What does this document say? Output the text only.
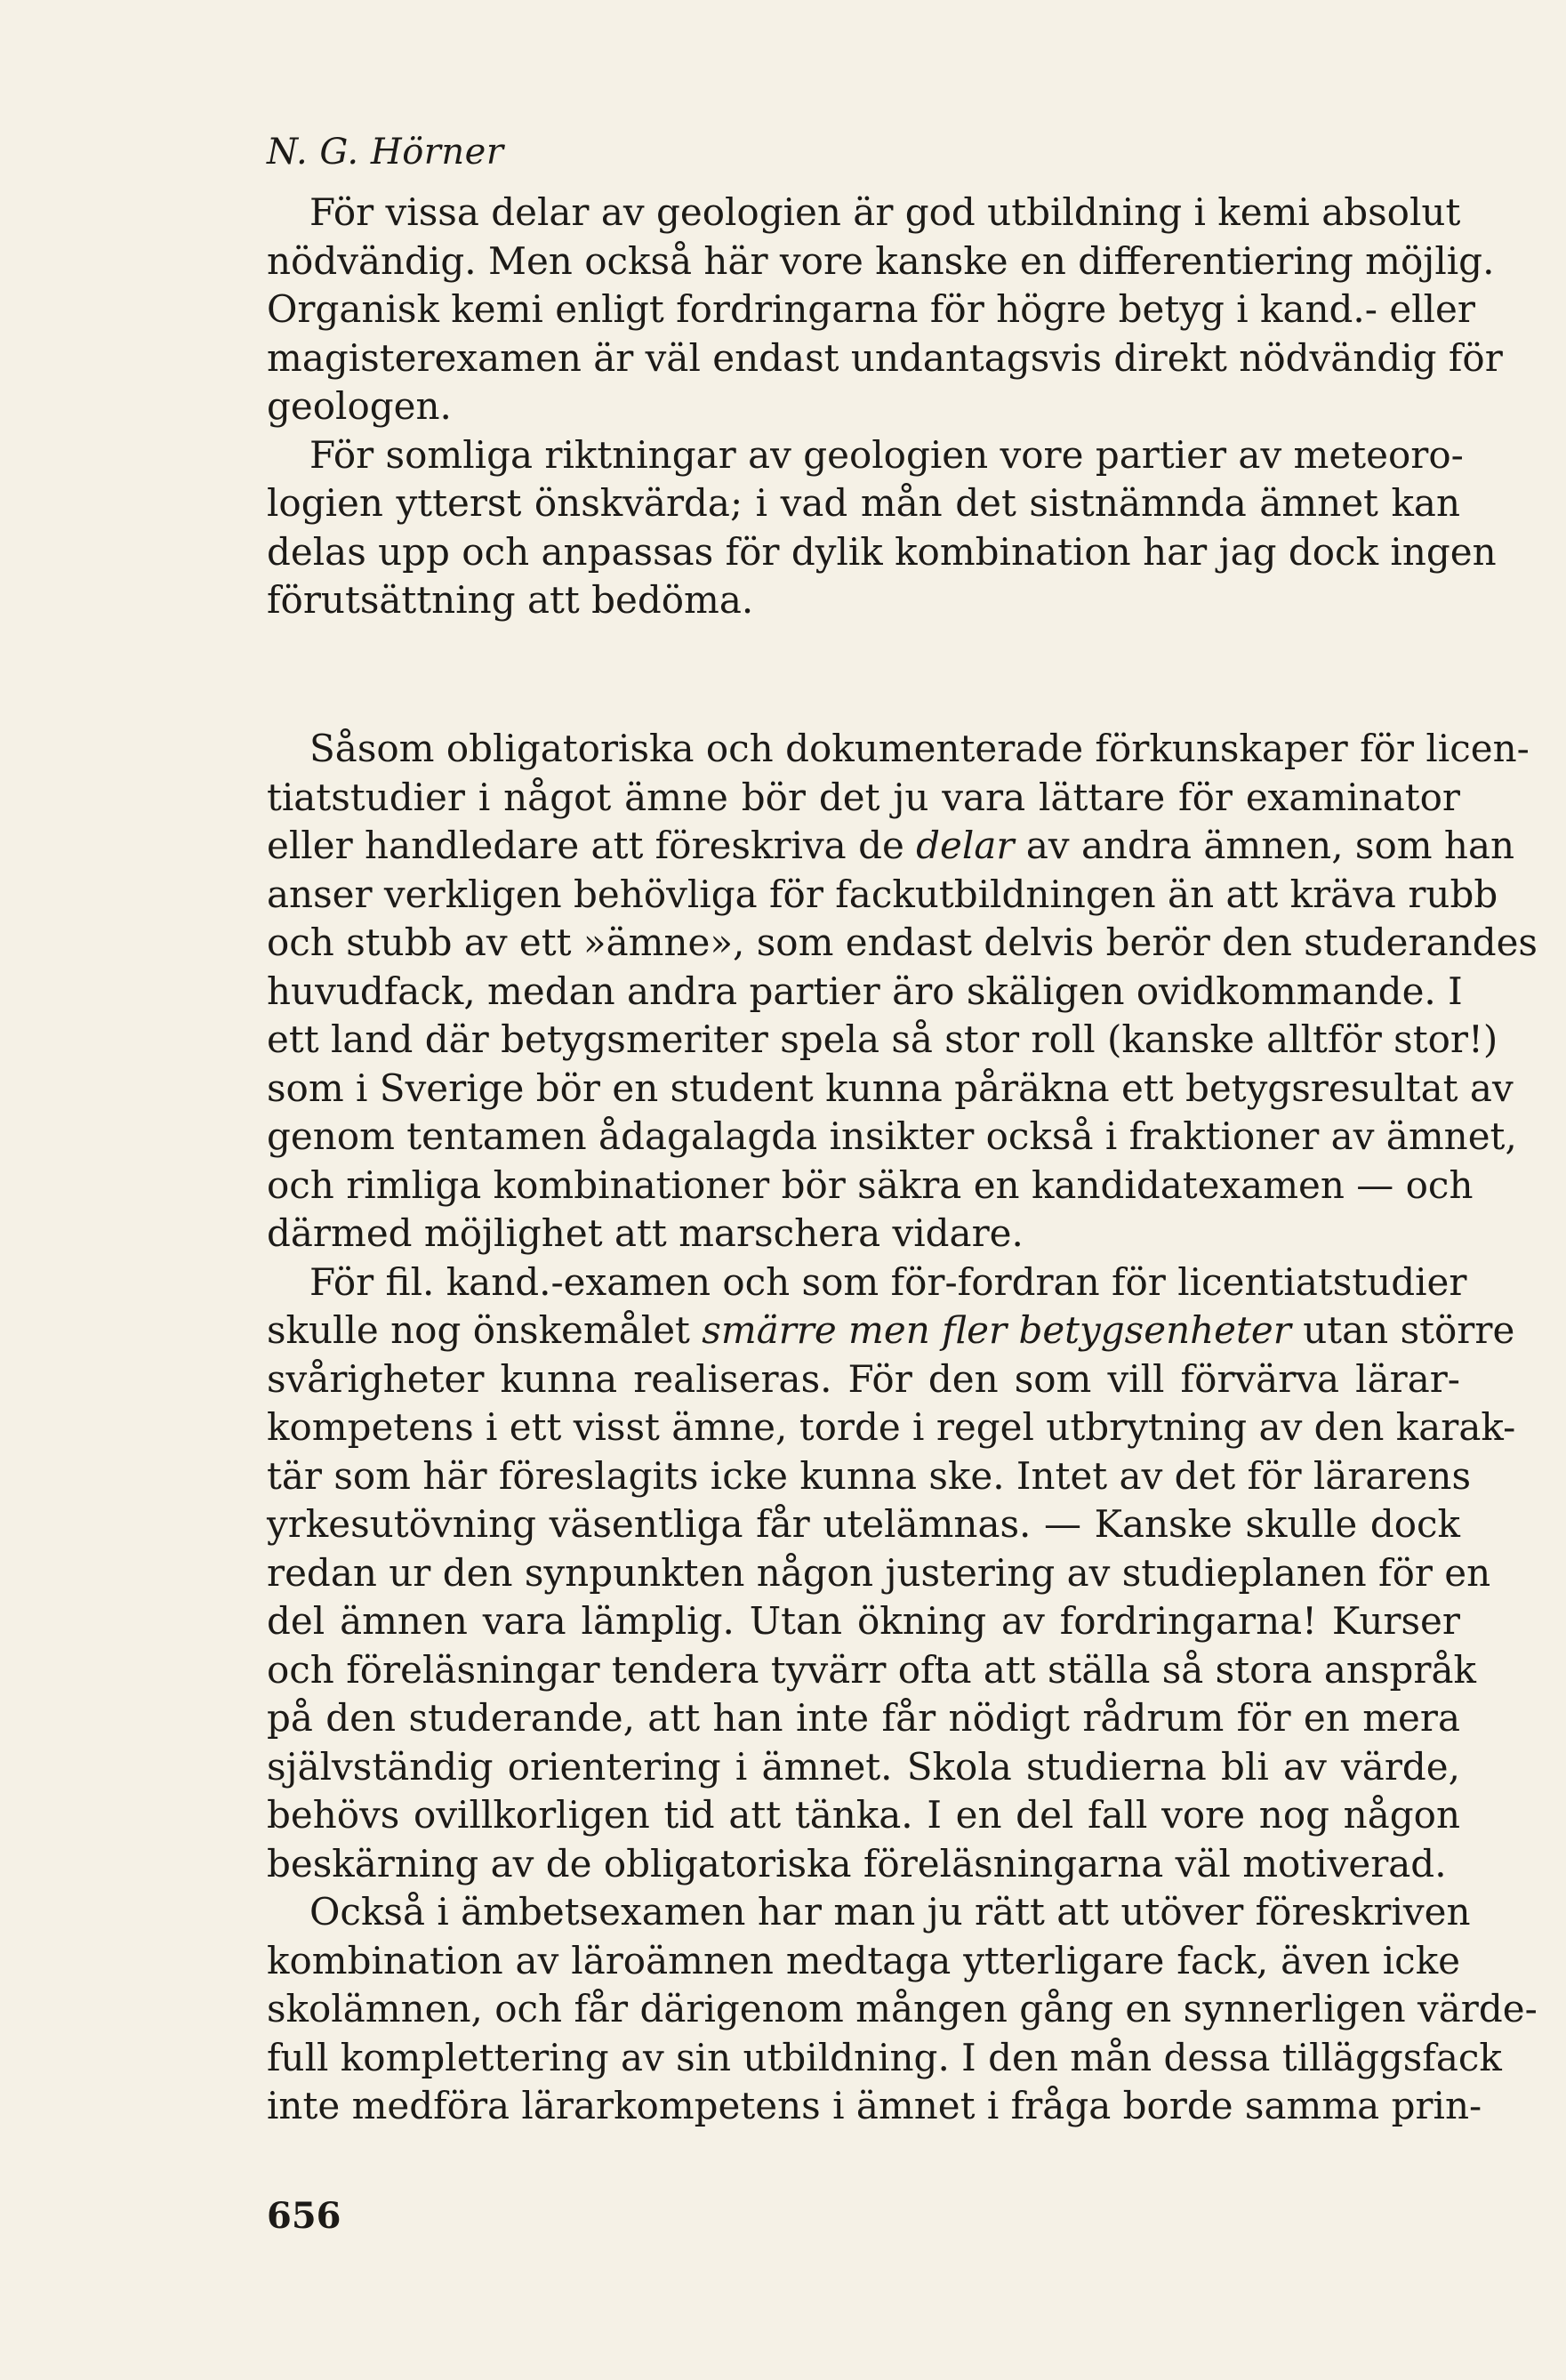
N. G. Hörner
För vissa delar av geologien är god utbildning i kemi absolut
nödvändig. Men också här vore kanske en differentiering möjlig.
Organisk kemi enligt fordringarna för högre betyg i kand.- eller
magisterexamen är väl endast undantagsvis direkt nödvändig för
geologen.
För somliga riktningar av geologien vore partier av meteoro-
logien ytterst önskvärda; i vad mån det sistnämnda ämnet kan
delas upp och anpassas för dylik kombination har jag dock ingen
förutsättning att bedöma.
Såsom obligatoriska och dokumenterade förkunskaper för licen-
tiatstudier i något ämne bör det ju vara lättare för examinator
eller handledare att föreskriva de delar av andra ämnen, som han
anser verkligen behövliga för fackutbildningen än att kräva rubb
och stubb av ett »ämne», som endast delvis berör den studerandes
huvudfack, medan andra partier äro skäligen ovidkommande. I
ett land där betygsmeriter spela så stor roll (kanske alltför stor!)
som i Sverige bör en student kunna påräkna ett betygsresultat av
genom tentamen ådagalagda insikter också i fraktioner av ämnet,
och rimliga kombinationer bör säkra en kandidatexamen — och
därmed möjlighet att marschera vidare.
För fil. kand.-examen och som för-fordran för licentiatstudier
skulle nog önskemålet smärre men fler betygsenheter utan större
svårigheter kunna realiseras. För den som vill förvärva lärar-
kompetens i ett visst ämne, torde i regel utbrytning av den karak-
tär som här föreslagits icke kunna ske. Intet av det för lärarens
yrkesutövning väsentliga får utelämnas. — Kanske skulle dock
redan ur den synpunkten någon justering av studieplanen för en
del ämnen vara lämplig. Utan ökning av fordringarna! Kurser
och föreläsningar tendera tyvärr ofta att ställa så stora anspråk
på den studerande, att han inte får nödigt rådrum för en mera
självständig orientering i ämnet. Skola studierna bli av värde,
behövs ovillkorligen tid att tänka. I en del fall vore nog någon
beskärning av de obligatoriska föreläsningarna väl motiverad.
Också i ämbetsexamen har man ju rätt att utöver föreskriven
kombination av läroämnen medtaga ytterligare fack, även icke
skolämnen, och får därigenom mången gång en synnerligen värde-
full komplettering av sin utbildning. I den mån dessa tilläggsfack
inte medföra lärarkompetens i ämnet i fråga borde samma prin-
656
